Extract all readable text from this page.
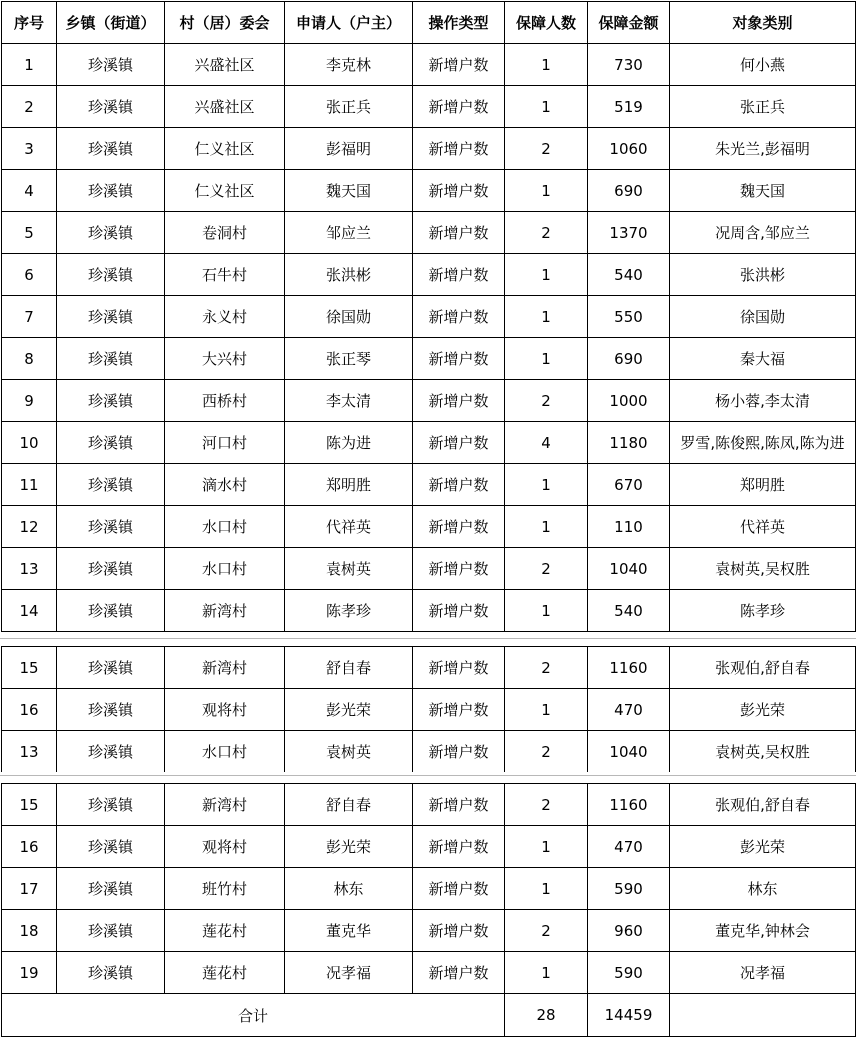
序号	乡镇（街道）	村（居）委会	申请人（户主）	操作类型	保障人数	保障金额	对象类别
1	珍溪镇	兴盛社区	李克林	新增户数	1	730	何小燕
2	珍溪镇	兴盛社区	张正兵	新增户数	1	519	张正兵
3	珍溪镇	仁义社区	彭福明	新增户数	2	1060	朱光兰,彭福明
4	珍溪镇	仁义社区	魏天国	新增户数	1	690	魏天国
5	珍溪镇	卷洞村	邹应兰	新增户数	2	1370	况周含,邹应兰
6	珍溪镇	石牛村	张洪彬	新增户数	1	540	张洪彬
7	珍溪镇	永义村	徐国勋	新增户数	1	550	徐国勋
8	珍溪镇	大兴村	张正琴	新增户数	1	690	秦大福
9	珍溪镇	西桥村	李太清	新增户数	2	1000	杨小蓉,李太清
10	珍溪镇	河口村	陈为进	新增户数	4	1180	罗雪,陈俊熙,陈凤,陈为进
11	珍溪镇	滴水村	郑明胜	新增户数	1	670	郑明胜
12	珍溪镇	水口村	代祥英	新增户数	1	110	代祥英
13	珍溪镇	水口村	袁树英	新增户数	2	1040	袁树英,吴权胜
14	珍溪镇	新湾村	陈孝珍	新增户数	1	540	陈孝珍
15	珍溪镇	新湾村	舒自春	新增户数	2	1160	张观伯,舒自春
16	珍溪镇	观将村	彭光荣	新增户数	1	470	彭光荣
13	珍溪镇	水口村	袁树英	新增户数	2	1040	袁树英,吴权胜
15	珍溪镇	新湾村	舒自春	新增户数	2	1160	张观伯,舒自春
16	珍溪镇	观将村	彭光荣	新增户数	1	470	彭光荣
17	珍溪镇	班竹村	林东	新增户数	1	590	林东
18	珍溪镇	莲花村	董克华	新增户数	2	960	董克华,钟林会
19	珍溪镇	莲花村	况孝福	新增户数	1	590	况孝福
合计					28	14459	
